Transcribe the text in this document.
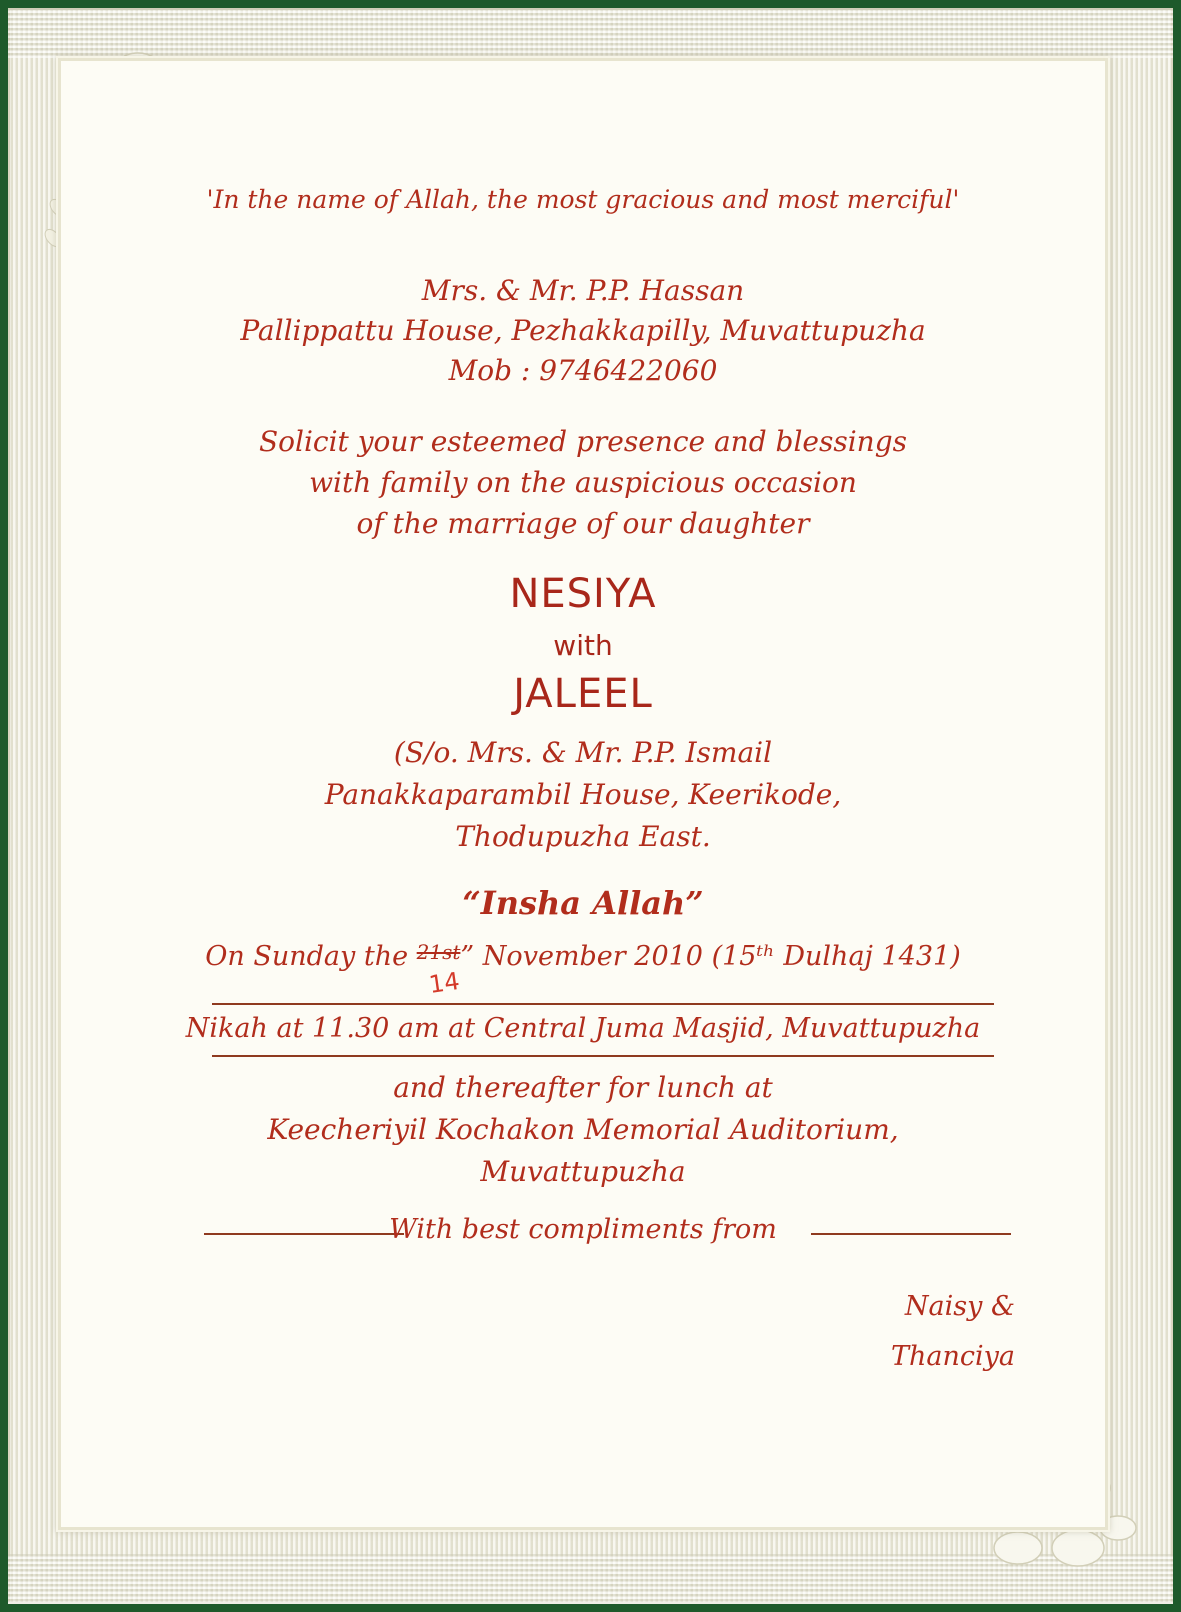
'In the name of Allah, the most gracious and most merciful'

Mrs. & Mr. P.P. Hassan

Pallippattu House, Pezhakkapilly, Muvattupuzha

Mob : 9746422060

Solicit your esteemed presence and blessings

with family on the auspicious occasion

of the marriage of our daughter

NESIYA

with

JALEEL

(S/o. Mrs. & Mr. P.P. Ismail

Panakkaparambil House, Keerikode,

Thodupuzha East.

“Insha Allah”

On Sunday the $^{21st}$” November 2010 (15ᵗʰ Dulhaj 1431)
14

Nikah at 11.30 am at Central Juma Masjid, Muvattupuzha

and thereafter for lunch at

Keecheriyil Kochakon Memorial Auditorium,

Muvattupuzha

With best compliments from

Naisy &

Thanciya
